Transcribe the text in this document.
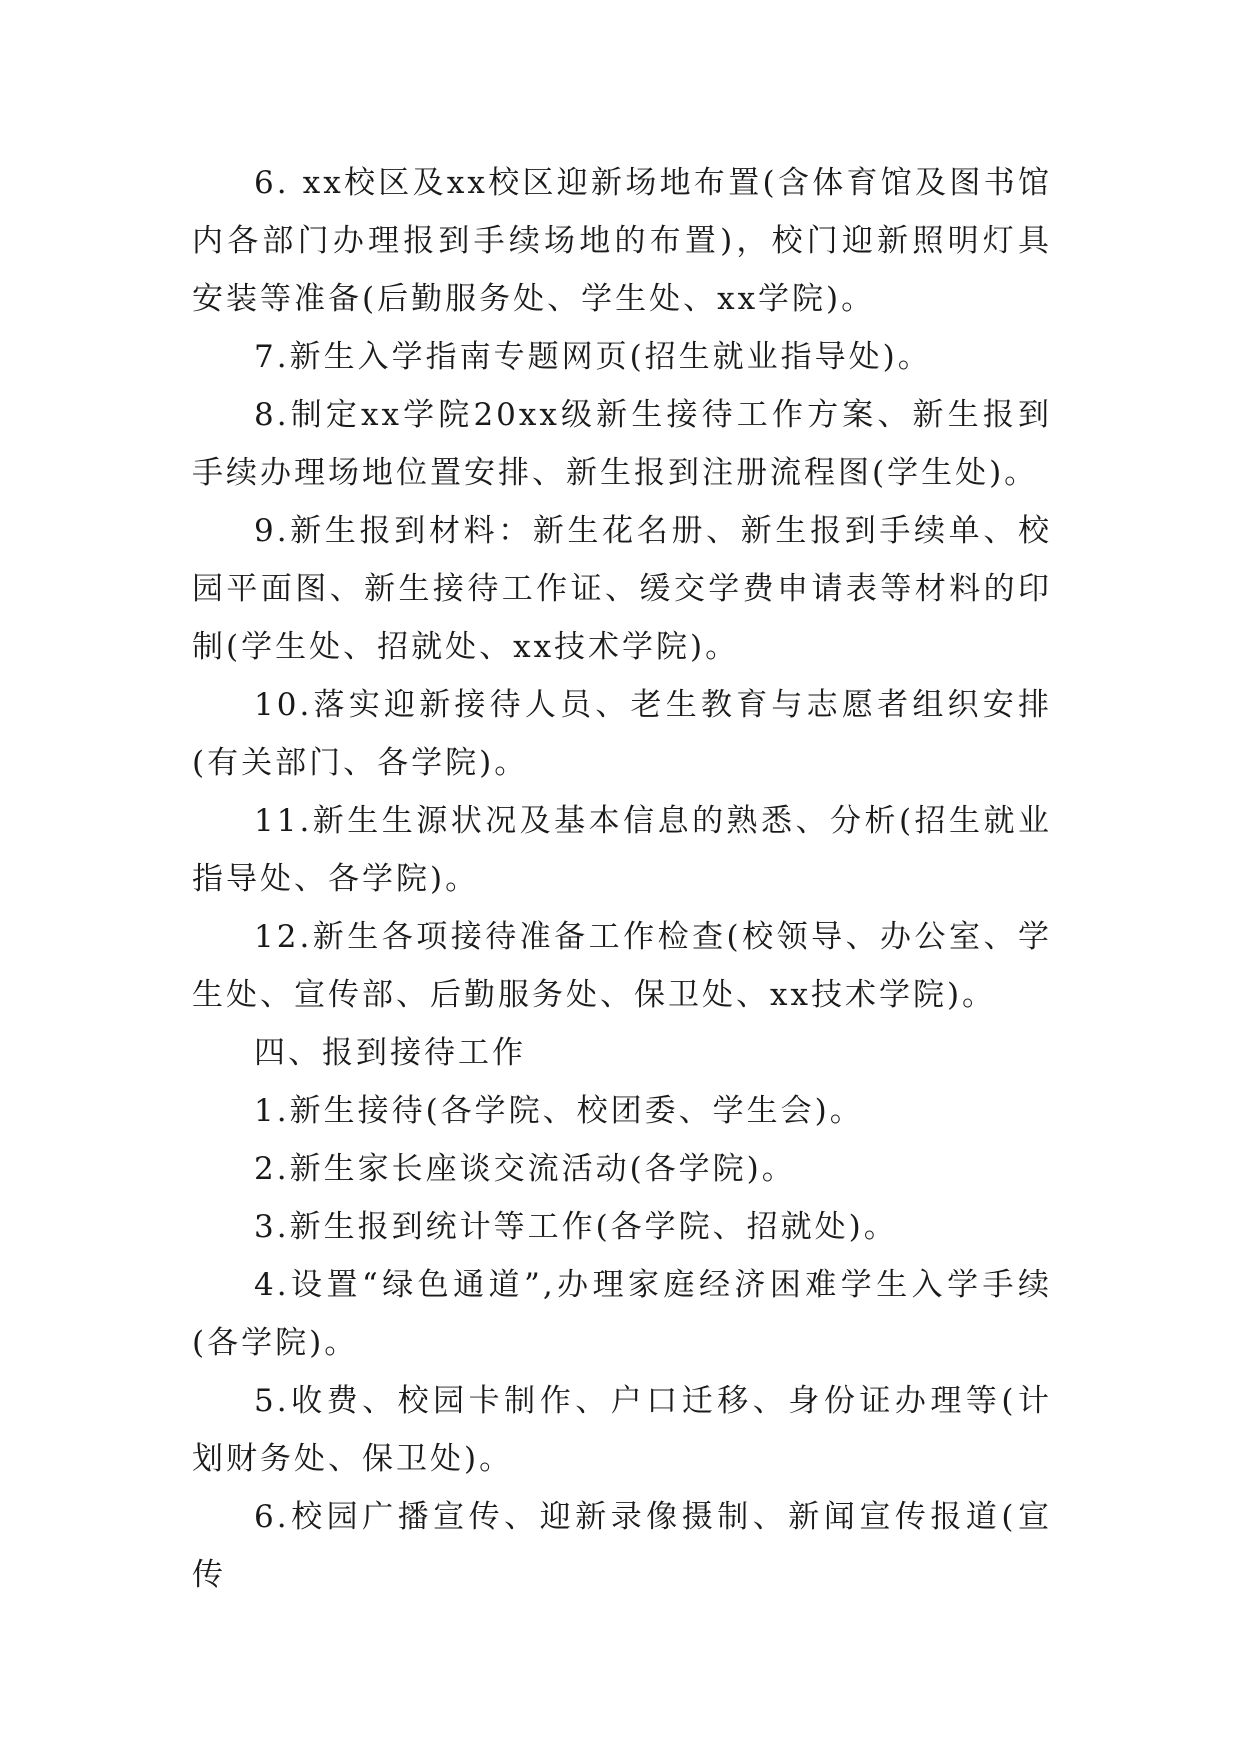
6. xx校区及xx校区迎新场地布置(含体育馆及图书馆内各部门办理报到手续场地的布置)，校门迎新照明灯具安装等准备(后勤服务处、学生处、xx学院)。

7.新生入学指南专题网页(招生就业指导处)。

8.制定xx学院20xx级新生接待工作方案、新生报到手续办理场地位置安排、新生报到注册流程图(学生处)。

9.新生报到材料：新生花名册、新生报到手续单、校园平面图、新生接待工作证、缓交学费申请表等材料的印制(学生处、招就处、xx技术学院)。

10.落实迎新接待人员、老生教育与志愿者组织安排(有关部门、各学院)。

11.新生生源状况及基本信息的熟悉、分析(招生就业指导处、各学院)。

12.新生各项接待准备工作检查(校领导、办公室、学生处、宣传部、后勤服务处、保卫处、xx技术学院)。

四、报到接待工作

1.新生接待(各学院、校团委、学生会)。

2.新生家长座谈交流活动(各学院)。

3.新生报到统计等工作(各学院、招就处)。

4.设置“绿色通道”,办理家庭经济困难学生入学手续(各学院)。

5.收费、校园卡制作、户口迁移、身份证办理等(计划财务处、保卫处)。

6.校园广播宣传、迎新录像摄制、新闻宣传报道(宣传
